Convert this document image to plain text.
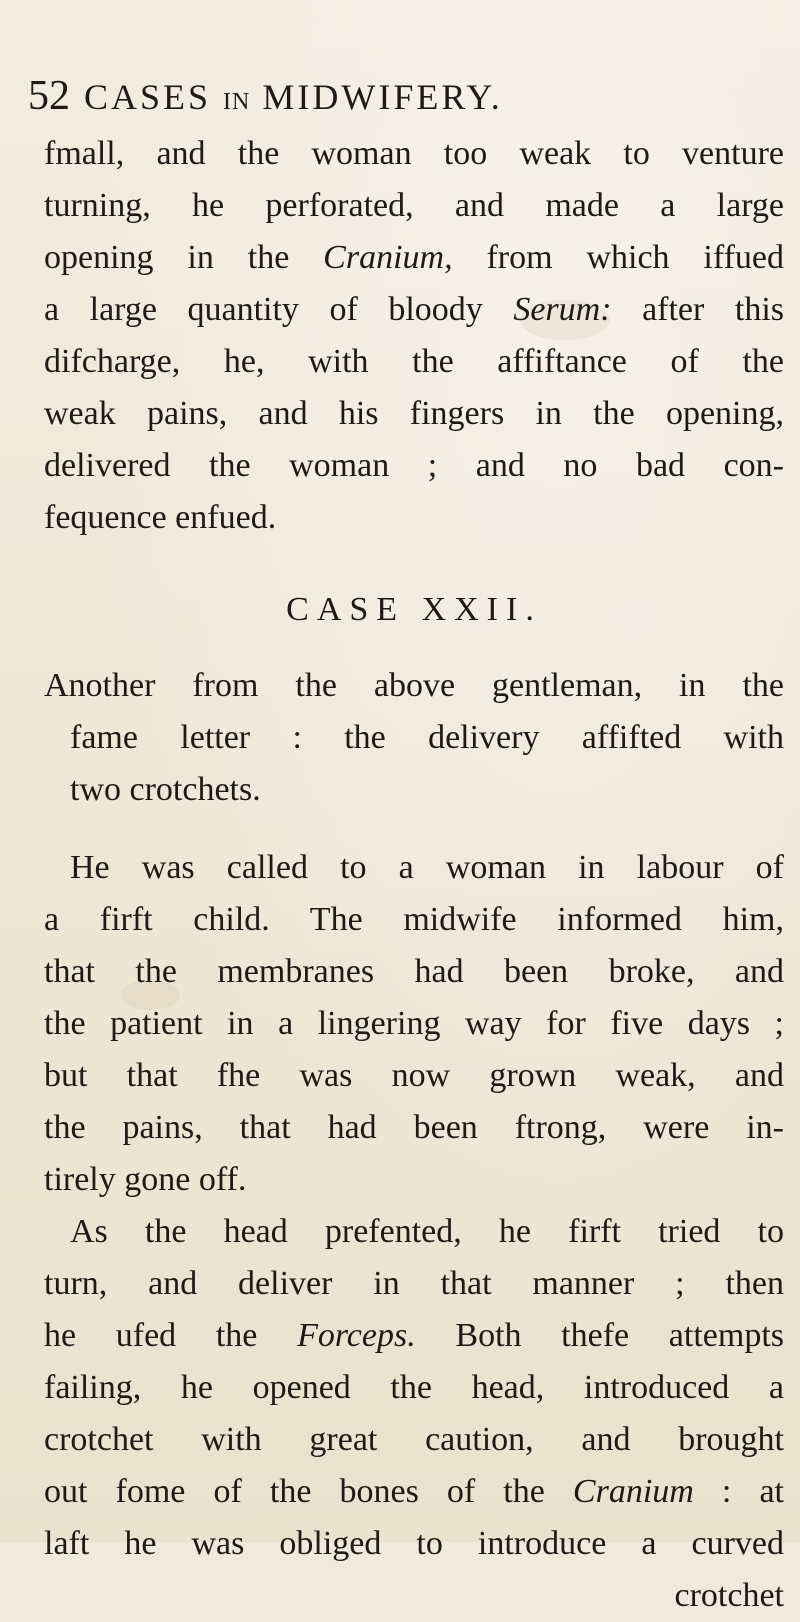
52 CASES IN MIDWIFERY.
fmall, and the woman too weak to venture
turning, he perforated, and made a large
opening in the Cranium, from which iffued
a large quantity of bloody Serum: after this
difcharge, he, with the affiftance of the
weak pains, and his fingers in the opening,
delivered the woman ; and no bad con-
fequence enfued.
CASE XXII.
Another from the above gentleman, in the
fame letter : the delivery affifted with
two crotchets.
He was called to a woman in labour of
a firft child. The midwife informed him,
that the membranes had been broke, and
the patient in a lingering way for five days ;
but that fhe was now grown weak, and
the pains, that had been ftrong, were in-
tirely gone off.
As the head prefented, he firft tried to
turn, and deliver in that manner ; then
he ufed the Forceps. Both thefe attempts
failing, he opened the head, introduced a
crotchet with great caution, and brought
out fome of the bones of the Cranium : at
laft he was obliged to introduce a curved
crotchet
